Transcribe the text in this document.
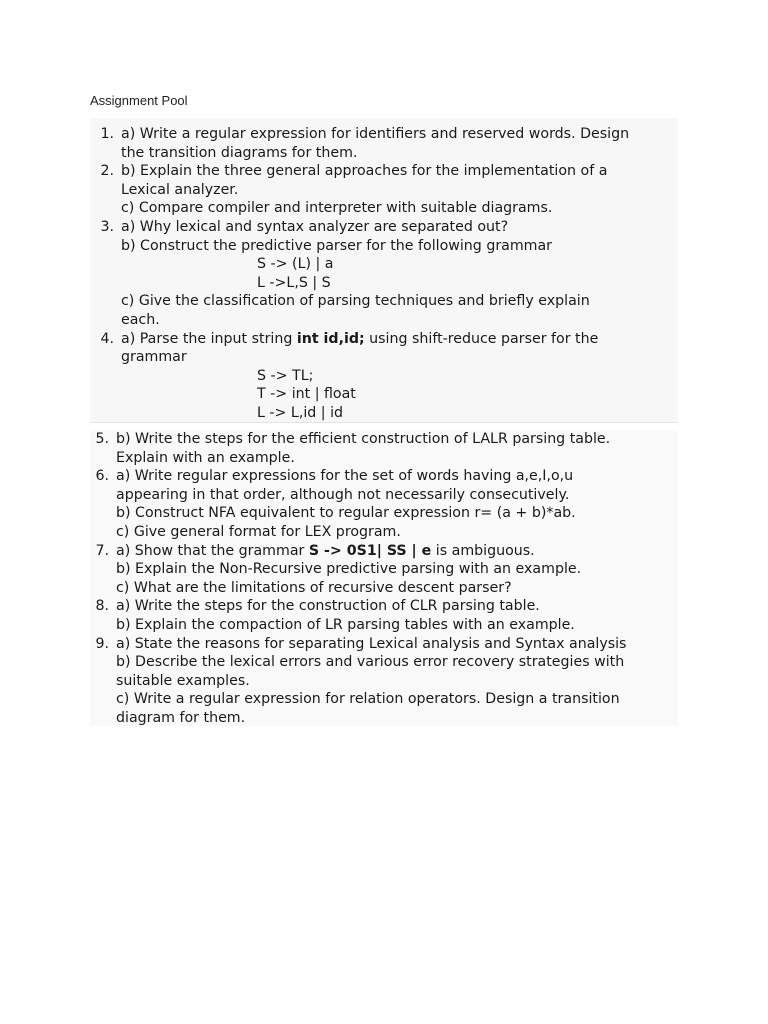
Assignment Pool
1. a) Write a regular expression for identifiers and reserved words. Design
the transition diagrams for them.
2. b) Explain the three general approaches for the implementation of a
Lexical analyzer.
c) Compare compiler and interpreter with suitable diagrams.
3. a) Why lexical and syntax analyzer are separated out?
b) Construct the predictive parser for the following grammar
S -> (L) | a
L ->L,S | S
c) Give the classification of parsing techniques and briefly explain
each.
4. a) Parse the input string int id,id; using shift-reduce parser for the
grammar
S -> TL;
T -> int | float
L -> L,id | id
5. b) Write the steps for the efficient construction of LALR parsing table.
Explain with an example.
6. a) Write regular expressions for the set of words having a,e,I,o,u
appearing in that order, although not necessarily consecutively.
b) Construct NFA equivalent to regular expression r= (a + b)*ab.
c) Give general format for LEX program.
7. a) Show that the grammar S -> 0S1| SS | e is ambiguous.
b) Explain the Non-Recursive predictive parsing with an example.
c) What are the limitations of recursive descent parser?
8. a) Write the steps for the construction of CLR parsing table.
b) Explain the compaction of LR parsing tables with an example.
9. a) State the reasons for separating Lexical analysis and Syntax analysis
b) Describe the lexical errors and various error recovery strategies with
suitable examples.
c) Write a regular expression for relation operators. Design a transition
diagram for them.
